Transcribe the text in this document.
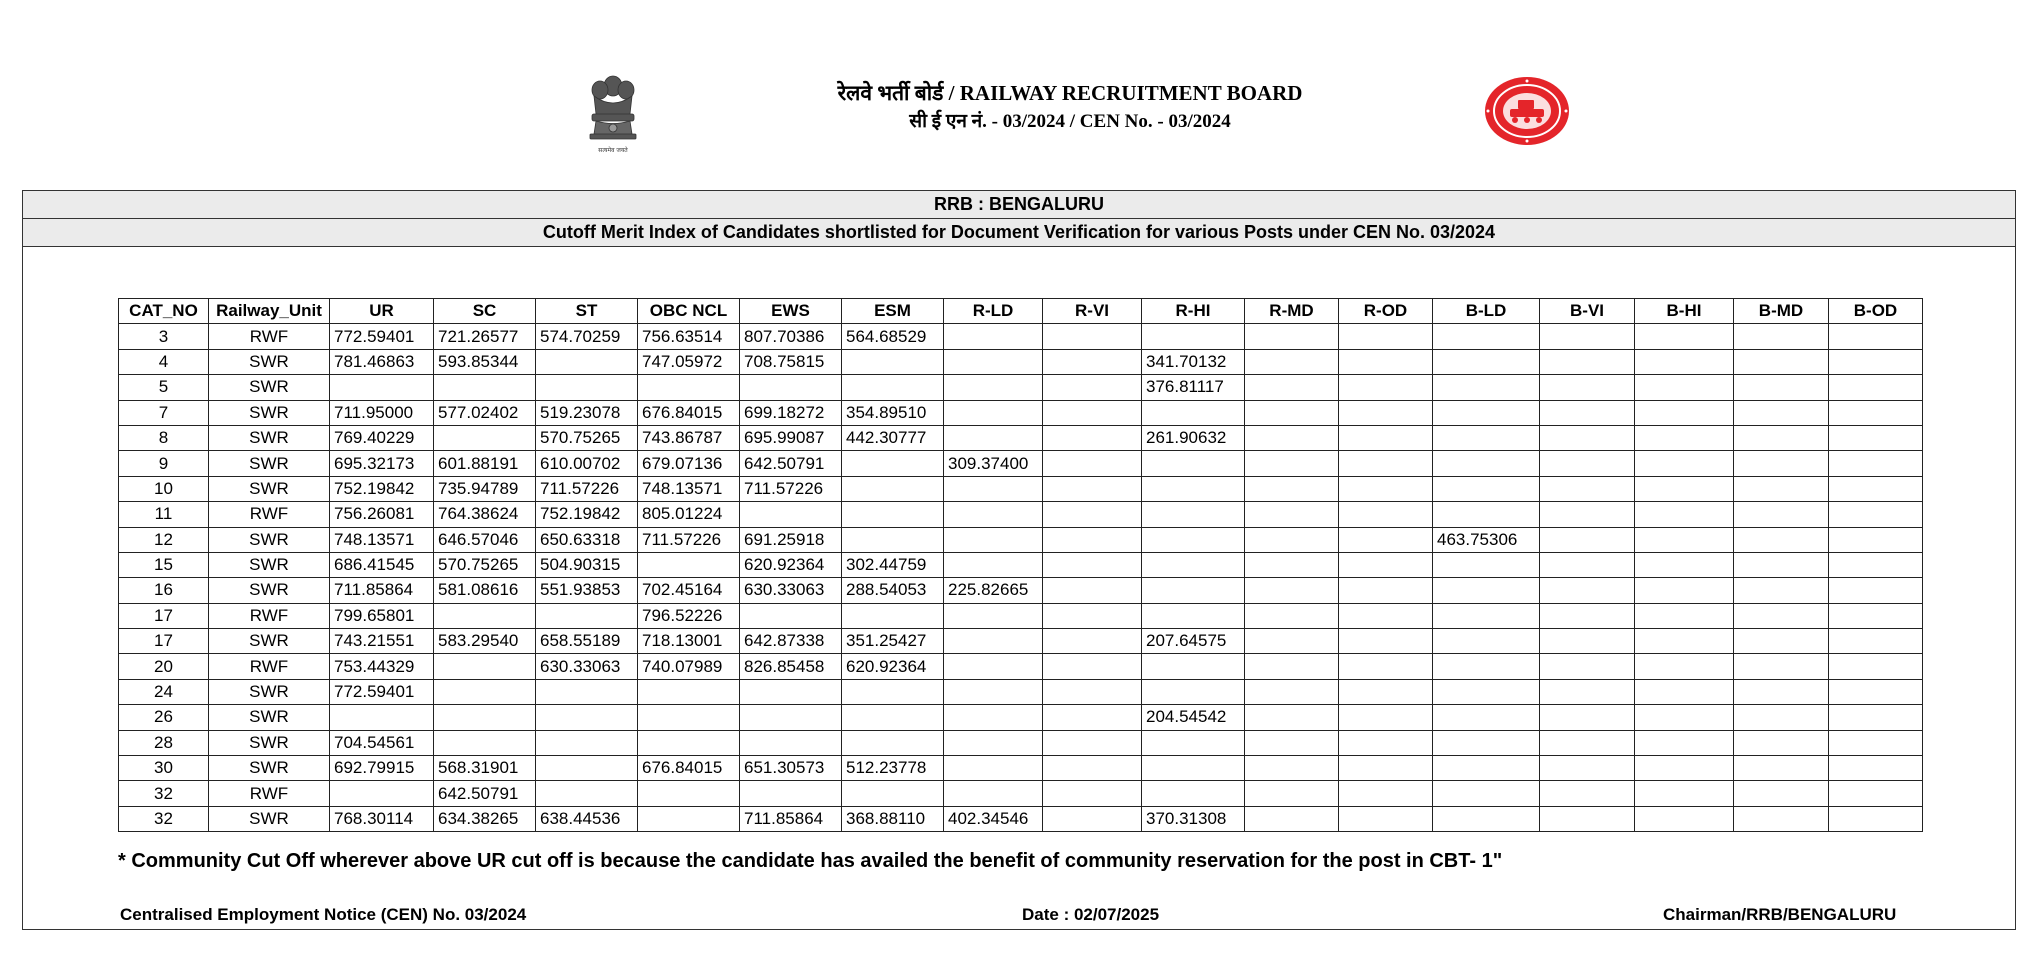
सत्यमेव जयते
रेलवे भर्ती बोर्ड / RAILWAY RECRUITMENT BOARD
सी ई एन नं. - 03/2024 / CEN No. - 03/2024
RRB : BENGALURU
Cutoff Merit Index of Candidates shortlisted for Document Verification for various Posts under CEN No. 03/2024
CAT_NO	Railway_Unit	UR	SC	ST	OBC NCL	EWS	ESM	R-LD	R-VI	R-HI	R-MD	R-OD	B-LD	B-VI	B-HI	B-MD	B-OD
3	RWF	772.59401	721.26577	574.70259	756.63514	807.70386	564.68529										
4	SWR	781.46863	593.85344		747.05972	708.75815				341.70132							
5	SWR									376.81117							
7	SWR	711.95000	577.02402	519.23078	676.84015	699.18272	354.89510										
8	SWR	769.40229		570.75265	743.86787	695.99087	442.30777			261.90632							
9	SWR	695.32173	601.88191	610.00702	679.07136	642.50791		309.37400									
10	SWR	752.19842	735.94789	711.57226	748.13571	711.57226											
11	RWF	756.26081	764.38624	752.19842	805.01224												
12	SWR	748.13571	646.57046	650.63318	711.57226	691.25918							463.75306				
15	SWR	686.41545	570.75265	504.90315		620.92364	302.44759										
16	SWR	711.85864	581.08616	551.93853	702.45164	630.33063	288.54053	225.82665									
17	RWF	799.65801			796.52226												
17	SWR	743.21551	583.29540	658.55189	718.13001	642.87338	351.25427			207.64575							
20	RWF	753.44329		630.33063	740.07989	826.85458	620.92364										
24	SWR	772.59401															
26	SWR									204.54542							
28	SWR	704.54561															
30	SWR	692.79915	568.31901		676.84015	651.30573	512.23778										
32	RWF		642.50791														
32	SWR	768.30114	634.38265	638.44536		711.85864	368.88110	402.34546		370.31308							
* Community Cut Off wherever above UR cut off is because the candidate has availed the benefit of community reservation for the post in CBT- 1"
Centralised Employment Notice (CEN) No. 03/2024	Date : 02/07/2025	Chairman/RRB/BENGALURU
